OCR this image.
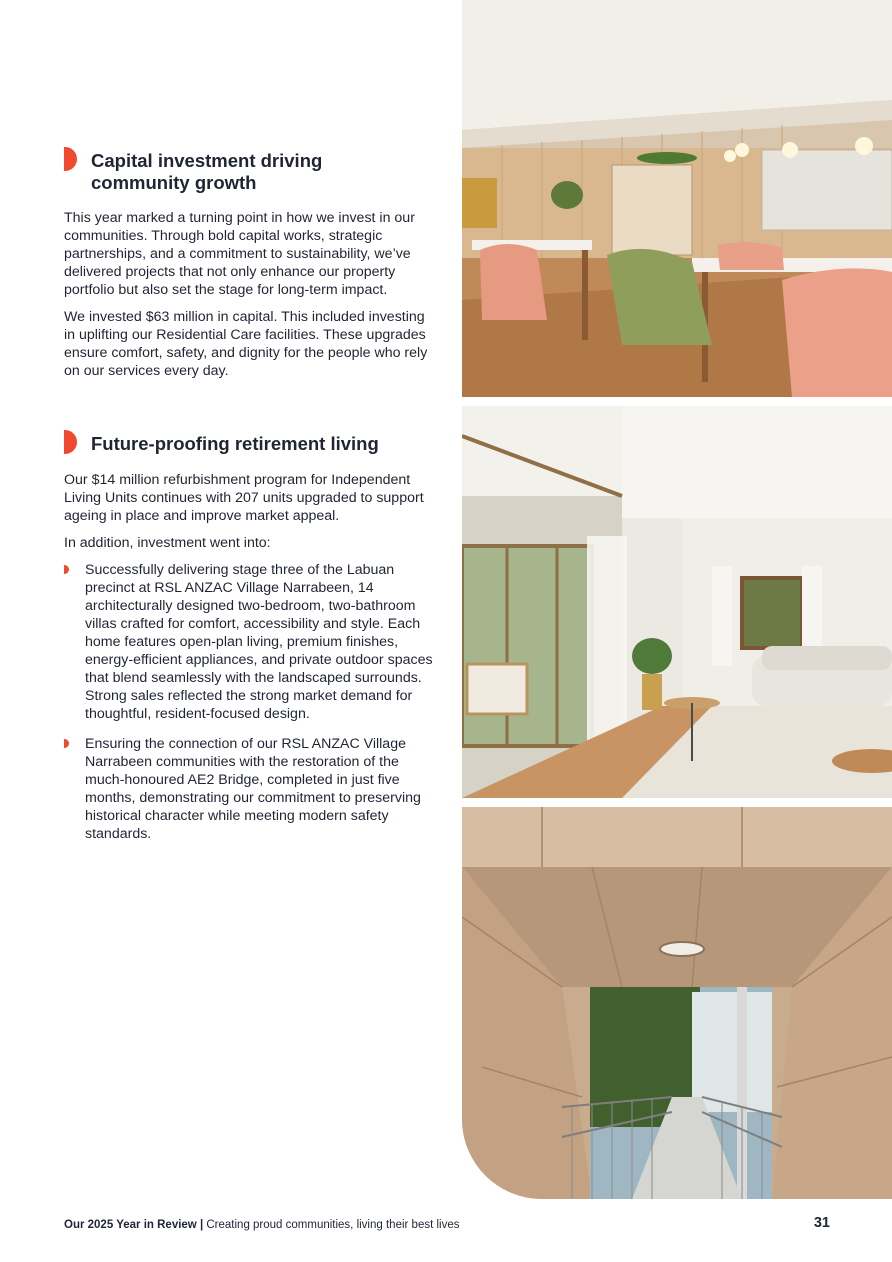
Capital investment driving community growth

This year marked a turning point in how we invest in our communities. Through bold capital works, strategic partnerships, and a commitment to sustainability, we’ve delivered projects that not only enhance our property portfolio but also set the stage for long-term impact.

We invested $63 million in capital. This included investing in uplifting our Residential Care facilities. These upgrades ensure comfort, safety, and dignity for the people who rely on our services every day.

Future-proofing retirement living

Our $14 million refurbishment program for Independent Living Units continues with 207 units upgraded to support ageing in place and improve market appeal.

In addition, investment went into:

Successfully delivering stage three of the Labuan precinct at RSL ANZAC Village Narrabeen, 14 architecturally designed two-bedroom, two-bathroom villas crafted for comfort, accessibility and style. Each home features open-plan living, premium finishes, energy-efficient appliances, and private outdoor spaces that blend seamlessly with the landscaped surrounds. Strong sales reflected the strong market demand for thoughtful, resident-focused design.
Ensuring the connection of our RSL ANZAC Village Narrabeen communities with the restoration of the much-honoured AE2 Bridge, completed in just five months, demonstrating our commitment to preserving historical character while meeting modern safety standards.
Our 2025 Year in Review | Creating proud communities, living their best lives	31
